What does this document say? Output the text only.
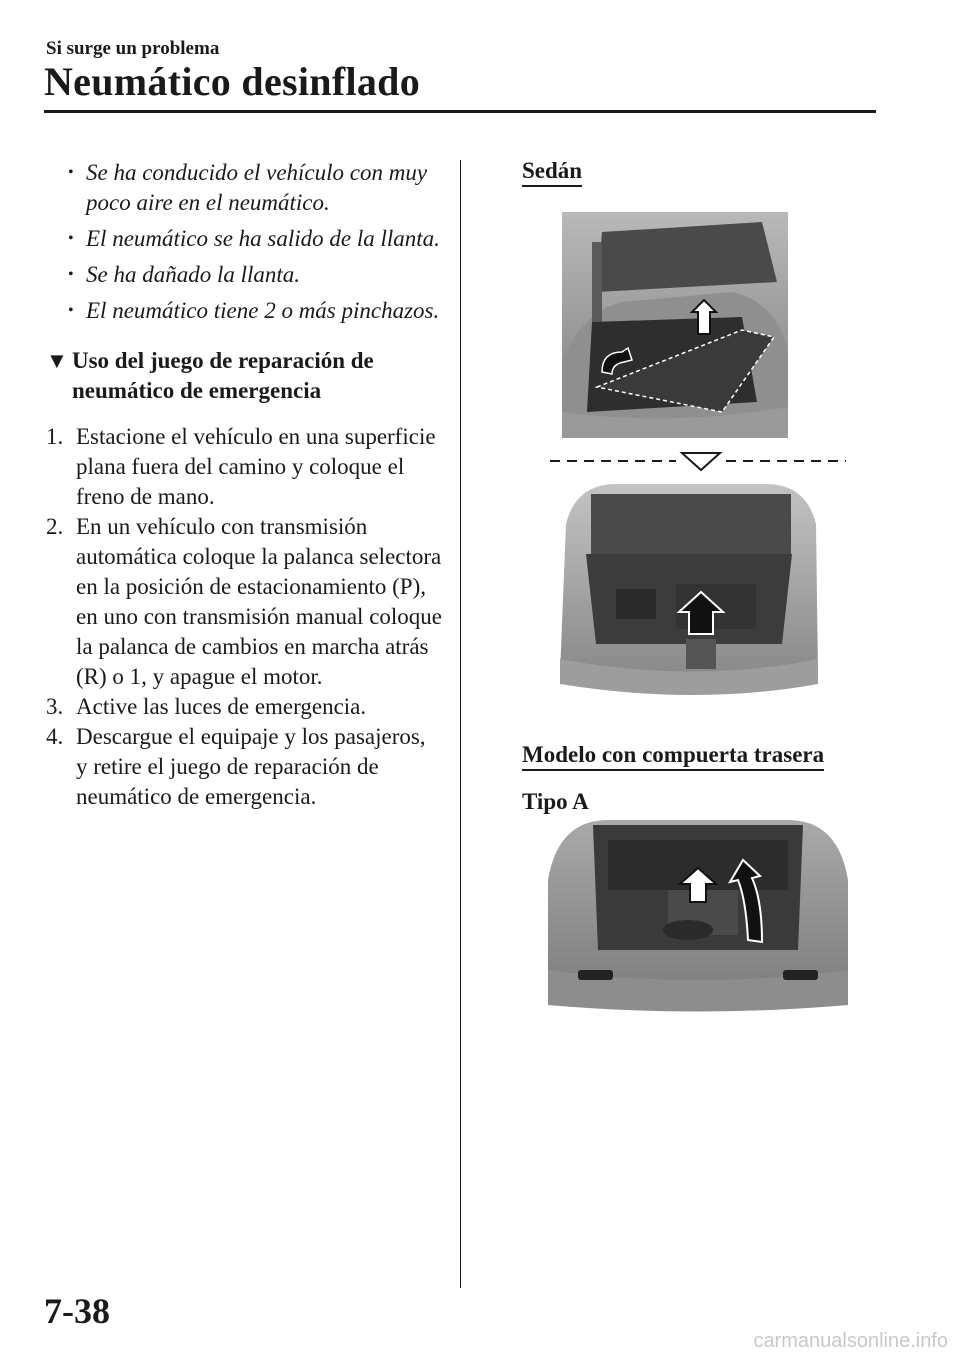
Si surge un problema
Neumático desinflado
• Se ha conducido el vehículo con muy poco aire en el neumático.
• El neumático se ha salido de la llanta.
• Se ha dañado la llanta.
• El neumático tiene 2 o más pinchazos.
▼ Uso del juego de reparación de neumático de emergencia
1. Estacione el vehículo en una superficie plana fuera del camino y coloque el freno de mano.
2. En un vehículo con transmisión automática coloque la palanca selectora en la posición de estacionamiento (P), en uno con transmisión manual coloque la palanca de cambios en marcha atrás (R) o 1, y apague el motor.
3. Active las luces de emergencia.
4. Descargue el equipaje y los pasajeros, y retire el juego de reparación de neumático de emergencia.
Sedán
Modelo con compuerta trasera
Tipo A
7-38
carmanualsonline.info
